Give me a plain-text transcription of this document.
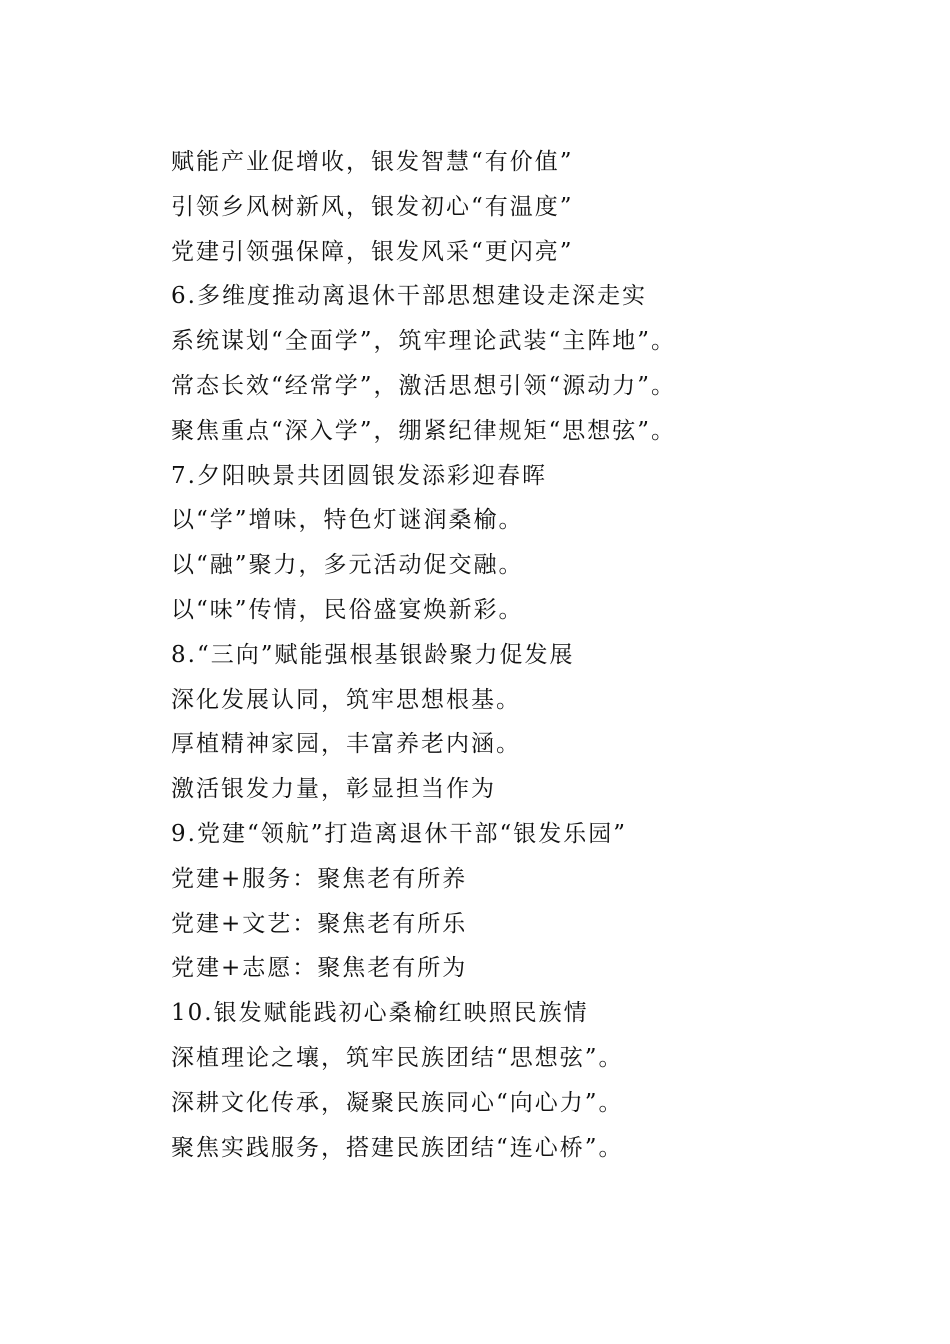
赋能产业促增收，银发智慧“有价值”
引领乡风树新风，银发初心“有温度”
党建引领强保障，银发风采“更闪亮”
6.多维度推动离退休干部思想建设走深走实
系统谋划“全面学”，筑牢理论武装“主阵地”。
常态长效“经常学”，激活思想引领“源动力”。
聚焦重点“深入学”，绷紧纪律规矩“思想弦”。
7.夕阳映景共团圆银发添彩迎春晖
以“学”增味，特色灯谜润桑榆。
以“融”聚力，多元活动促交融。
以“味”传情，民俗盛宴焕新彩。
8.“三向”赋能强根基银龄聚力促发展
深化发展认同，筑牢思想根基。
厚植精神家园，丰富养老内涵。
激活银发力量，彰显担当作为
9.党建“领航”打造离退休干部“银发乐园”
党建+服务：聚焦老有所养
党建+文艺：聚焦老有所乐
党建+志愿：聚焦老有所为
10.银发赋能践初心桑榆红映照民族情
深植理论之壤，筑牢民族团结“思想弦”。
深耕文化传承，凝聚民族同心“向心力”。
聚焦实践服务，搭建民族团结“连心桥”。
